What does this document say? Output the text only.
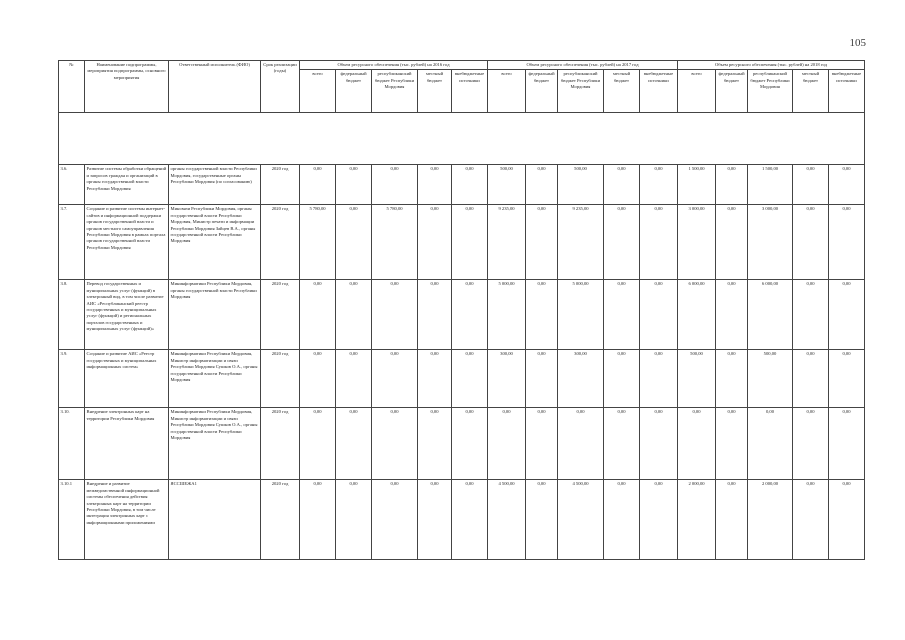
105
№	Наименование подпрограммы, мероприятия подпрограммы, основного мероприятия	Ответственный исполнитель (ФИО)	Срок реализации (годы)	Объем ресурсного обеспечения (тыс. рублей) на 2016 год					Объем ресурсного обеспечения (тыс. рублей) на 2017 год					Объем ресурсного обеспечения (тыс. рублей) на 2018 год				
				всего	федеральный бюджет	республиканский бюджет Республики Мордовия	местный бюджет	внебюджетные источники	всего	федеральный бюджет	республиканский бюджет Республики Мордовия	местный бюджет	внебюджетные источники	всего	федеральный бюджет	республиканский бюджет Республики Мордовия	местный бюджет	внебюджетные источники

3.6.	Развитие системы обработки обращений и запросов граждан и организаций в органы государственной власти Республики Мордовия	органы государственной власти Республики Мордовия, государственные органы Республики Мордовия (по согласованию)	2020 год	0,00	0,00	0,00	0,00	0,00	500,00	0,00	500,00	0,00	0,00	1 500,00	0,00	1 500,00	0,00	0,00
3.7.	Создание и развитие системы интернет-сайтов и информационной поддержки органов государственной власти и органов местного самоуправления Республики Мордовия в рамках портала органов государственной власти Республики Мордовия	Минсвязи Республики Мордовия, органы государственной власти Республики Мордовия, Министр печати и информации Республики Мордовия Зайцев В.А., органы государственной власти Республики Мордовия	2020 год	5 780,00	0,00	5 780,00	0,00	0,00	9 235,00	0,00	9 235,00	0,00	0,00	3 000,00	0,00	3 000,00	0,00	0,00
3.8.	Перевод государственных и муниципальных услуг (функций) в электронный вид, в том числе развитие АИС «Республиканский реестр государственных и муниципальных услуг (функций) и региональных порталов государственных и муниципальных услуг (функций)»	Мининформатики Республики Мордовия, органы государственной власти Республики Мордовия	2020 год	0,00	0,00	0,00	0,00	0,00	5 000,00	0,00	5 000,00	0,00	0,00	6 000,00	0,00	6 000,00	0,00	0,00
3.9.	Создание и развитие АИС «Реестр государственных и муниципальных информационных систем»	Мининформатики Республики Мордовия, Министр информатизации и связи Республики Мордовия Сушков О.А., органы государственной власти Республики Мордовия	2020 год	0,00	0,00	0,00	0,00	0,00	300,00	0,00	300,00	0,00	0,00	500,00	0,00	500,00	0,00	0,00
3.10.	Внедрение электронных карт на территории Республики Мордовия	Мининформатики Республики Мордовия, Министр информатизации и связи Республики Мордовия Сушков О.А., органы государственной власти Республики Мордовия	2020 год	0,00	0,00	0,00	0,00	0,00	0,00	0,00	0,00	0,00	0,00	0,00	0,00	0,00	0,00	0,00
3.10.1	Внедрение и развитие межведомственной информационной системы обеспечения действия электронных карт на территории Республики Мордовия, в том числе интеграция электронных карт с информационными приложениями	ЯССШЕЖА1	2020 год	0,00	0,00	0,00	0,00	0,00	4 500,00	0,00	4 500,00	0,00	0,00	2 000,00	0,00	2 000,00	0,00	0,00
